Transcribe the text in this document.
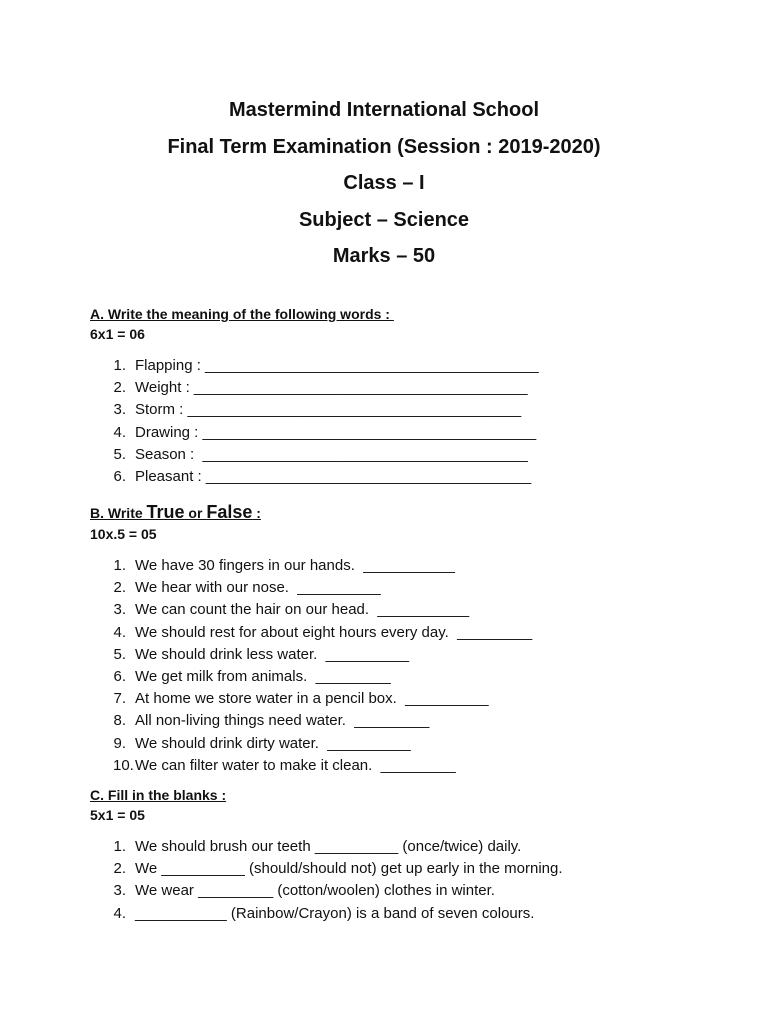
Mastermind International School
Final Term Examination (Session : 2019-2020)
Class – I
Subject – Science
Marks – 50
A. Write the meaning of the following words :
6x1 = 06
1. Flapping : ________________________________________
2. Weight : ________________________________________
3. Storm : ________________________________________
4. Drawing : ________________________________________
5. Season :  _______________________________________
6. Pleasant : _______________________________________
B. Write True or False :
10x.5 = 05
1. We have 30 fingers in our hands.  ___________
2. We hear with our nose.  __________
3. We can count the hair on our head.  ___________
4. We should rest for about eight hours every day.  _________
5. We should drink less water.  __________
6. We get milk from animals.  _________
7. At home we store water in a pencil box.  __________
8. All non-living things need water.  _________
9. We should drink dirty water.  __________
10. We can filter water to make it clean.  _________
C. Fill in the blanks :
5x1 = 05
1. We should brush our teeth __________ (once/twice) daily.
2. We __________ (should/should not) get up early in the morning.
3. We wear _________ (cotton/woolen) clothes in winter.
4. ___________ (Rainbow/Crayon) is a band of seven colours.
